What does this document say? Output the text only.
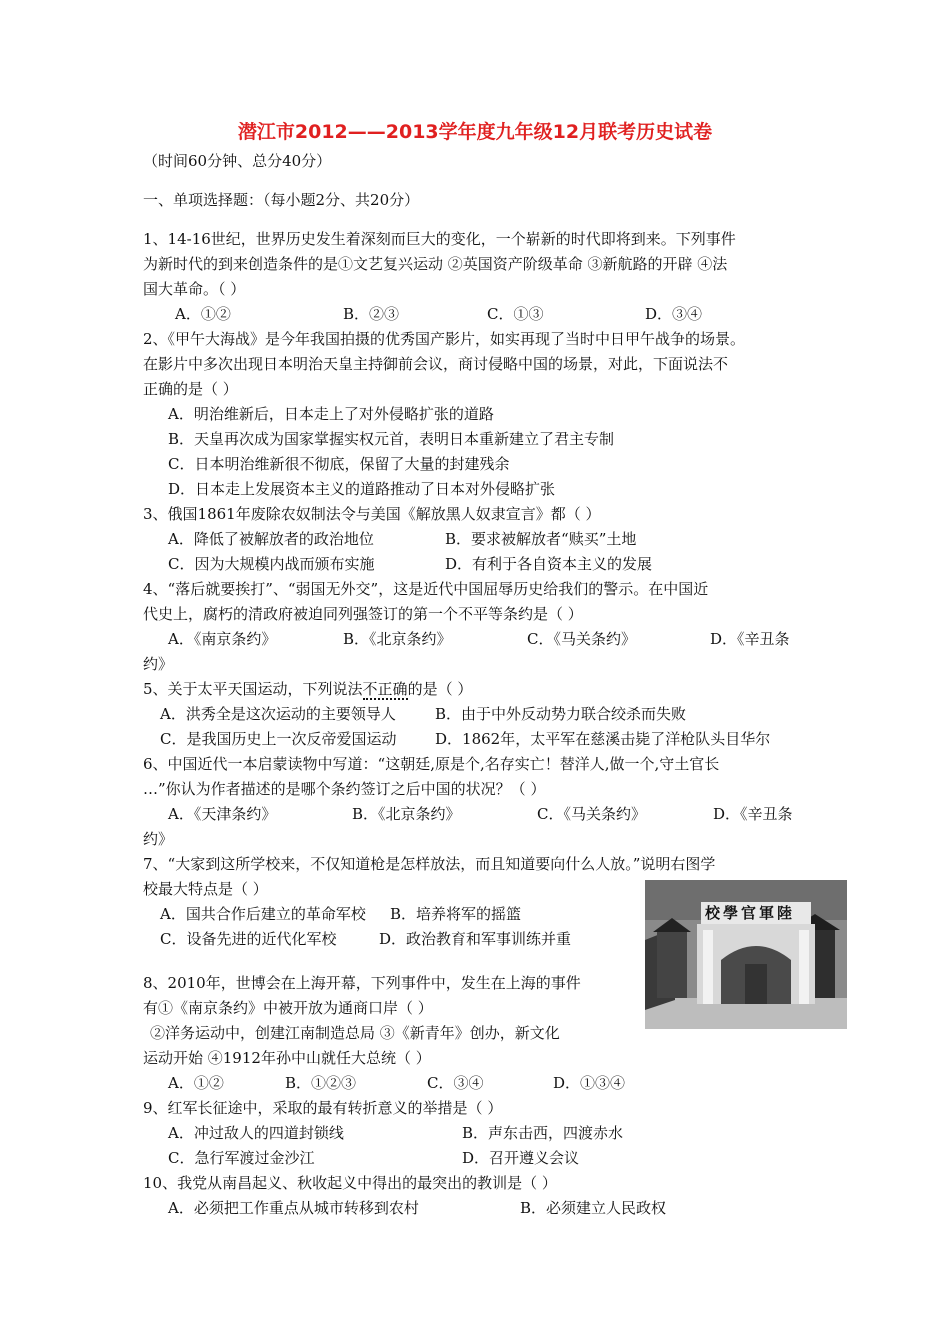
潜江市2012——2013学年度九年级12月联考历史试卷
（时间60分钟、总分40分）
一、单项选择题：（每小题2分、共20分）
1、14-16世纪，世界历史发生着深刻而巨大的变化，一个崭新的时代即将到来。下列事件
为新时代的到来创造条件的是①文艺复兴运动 ②英国资产阶级革命 ③新航路的开辟 ④法
国大革命。（ ）
A．①②	B．②③	C．①③	D．③④
2、《甲午大海战》是今年我国拍摄的优秀国产影片，如实再现了当时中日甲午战争的场景。
在影片中多次出现日本明治天皇主持御前会议，商讨侵略中国的场景，对此，下面说法不
正确的是（ ）
A．明治维新后，日本走上了对外侵略扩张的道路
B．天皇再次成为国家掌握实权元首，表明日本重新建立了君主专制
C．日本明治维新很不彻底，保留了大量的封建残余
D．日本走上发展资本主义的道路推动了日本对外侵略扩张
3、俄国1861年废除农奴制法令与美国《解放黑人奴隶宣言》都（ ）
A．降低了被解放者的政治地位	B．要求被解放者“赎买”土地
C．因为大规模内战而颁布实施	D．有利于各自资本主义的发展
4、“落后就要挨打”、“弱国无外交”，这是近代中国屈辱历史给我们的警示。在中国近
代史上，腐朽的清政府被迫同列强签订的第一个不平等条约是（ ）
A．《南京条约》	B．《北京条约》	C．《马关条约》	D．《辛丑条
约》
5、关于太平天国运动，下列说法不正确的是（ ）
A．洪秀全是这次运动的主要领导人	B．由于中外反动势力联合绞杀而失败
C．是我国历史上一次反帝爱国运动	D．1862年，太平军在慈溪击毙了洋枪队头目华尔
6、中国近代一本启蒙读物中写道：“这朝廷,原是个,名存实亡！替洋人,做一个,守土官长
…”你认为作者描述的是哪个条约签订之后中国的状况？（ ）
A．《天津条约》	B．《北京条约》	C．《马关条约》	D．《辛丑条
约》
7、“大家到这所学校来，不仅知道枪是怎样放法，而且知道要向什么人放。”说明右图学
校最大特点是（ ）
A．国共合作后建立的革命军校 B．培养将军的摇篮
C．设备先进的近代化军校	D．政治教育和军事训练并重
校學官軍陸
8、2010年，世博会在上海开幕，下列事件中，发生在上海的事件
有①《南京条约》中被开放为通商口岸（ ）
②洋务运动中，创建江南制造总局 ③《新青年》创办，新文化
运动开始 ④1912年孙中山就任大总统（ ）
A．①②	B．①②③	C．③④	D．①③④
9、红军长征途中，采取的最有转折意义的举措是（ ）
A．冲过敌人的四道封锁线	B．声东击西，四渡赤水
C．急行军渡过金沙江	D．召开遵义会议
10、我党从南昌起义、秋收起义中得出的最突出的教训是（ ）
A．必须把工作重点从城市转移到农村	B．必须建立人民政权
